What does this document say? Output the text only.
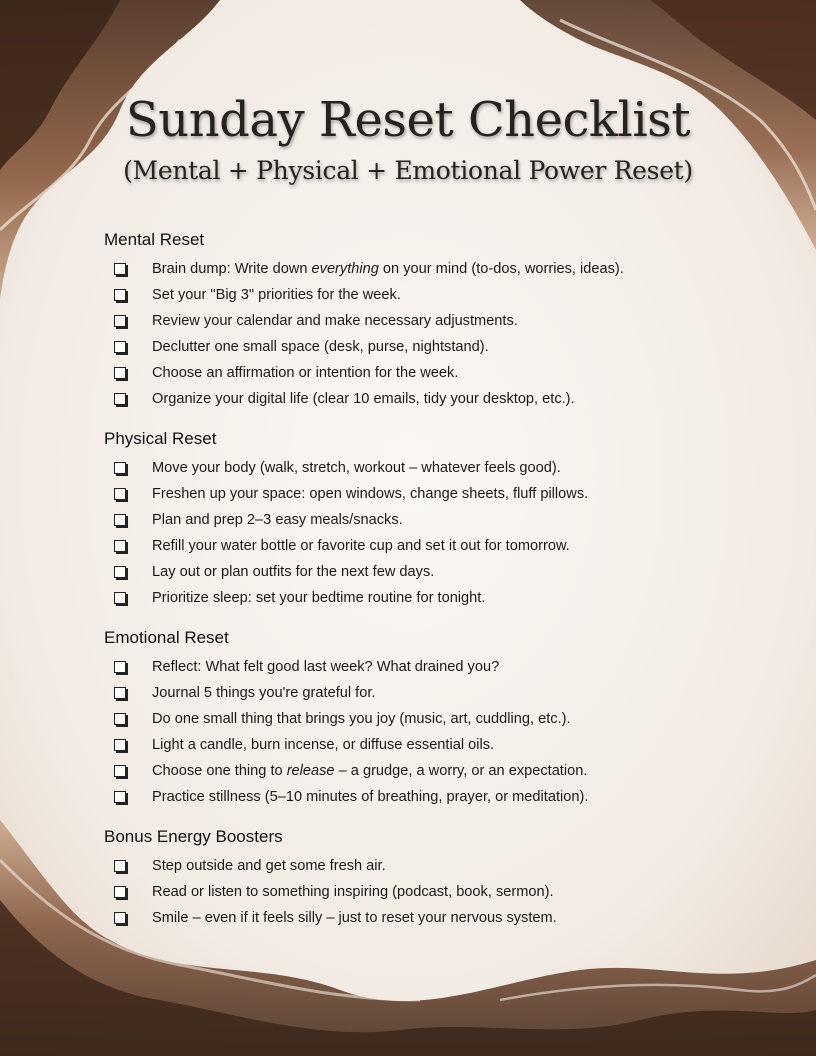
Sunday Reset Checklist

(Mental + Physical + Emotional Power Reset)

Mental Reset
Brain dump: Write down everything on your mind (to-dos, worries, ideas).
Set your "Big 3" priorities for the week.
Review your calendar and make necessary adjustments.
Declutter one small space (desk, purse, nightstand).
Choose an affirmation or intention for the week.
Organize your digital life (clear 10 emails, tidy your desktop, etc.).
Physical Reset
Move your body (walk, stretch, workout – whatever feels good).
Freshen up your space: open windows, change sheets, fluff pillows.
Plan and prep 2–3 easy meals/snacks.
Refill your water bottle or favorite cup and set it out for tomorrow.
Lay out or plan outfits for the next few days.
Prioritize sleep: set your bedtime routine for tonight.
Emotional Reset
Reflect: What felt good last week? What drained you?
Journal 5 things you're grateful for.
Do one small thing that brings you joy (music, art, cuddling, etc.).
Light a candle, burn incense, or diffuse essential oils.
Choose one thing to release – a grudge, a worry, or an expectation.
Practice stillness (5–10 minutes of breathing, prayer, or meditation).
Bonus Energy Boosters
Step outside and get some fresh air.
Read or listen to something inspiring (podcast, book, sermon).
Smile – even if it feels silly – just to reset your nervous system.
